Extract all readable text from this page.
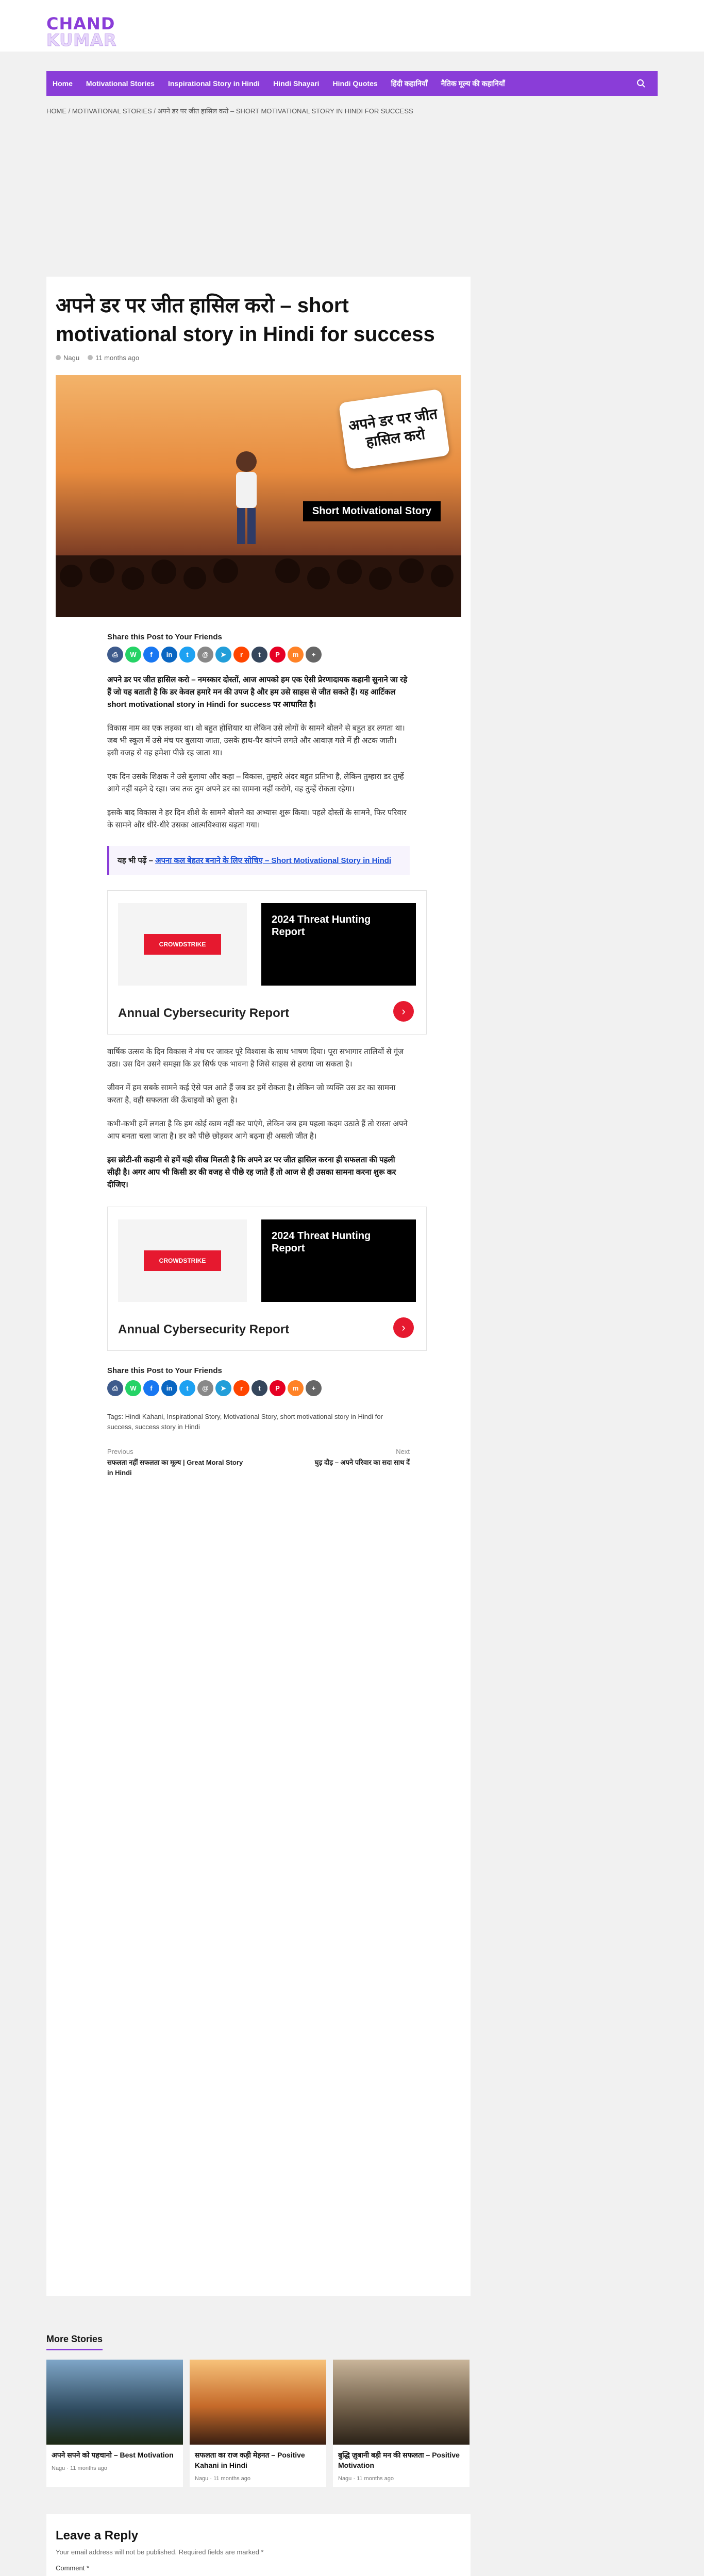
CHAND
KUMAR
Home Motivational Stories Inspirational Story in Hindi Hindi Shayari Hindi Quotes हिंदी कहानियाँ नैतिक मूल्य की कहानियाँ
HOME / MOTIVATIONAL STORIES / अपने डर पर जीत हासिल करो – SHORT MOTIVATIONAL STORY IN HINDI FOR SUCCESS
अपने डर पर जीत हासिल करो – short motivational story in Hindi for success
Nagu	11 months ago
अपने डर पर जीत हासिल करो
Short Motivational Story
Share this Post to Your Friends
⎙	W	f	in	t	@	➤	r	t	P	m	+

अपने डर पर जीत हासिल करो – नमस्कार दोस्तों, आज आपको हम एक ऐसी प्रेरणादायक कहानी सुनाने जा रहे हैं जो यह बताती है कि डर केवल हमारे मन की उपज है और हम उसे साहस से जीत सकते हैं। यह आर्टिकल short motivational story in Hindi for success पर आधारित है।

विकास नाम का एक लड़का था। वो बहुत होशियार था लेकिन उसे लोगों के सामने बोलने से बहुत डर लगता था। जब भी स्कूल में उसे मंच पर बुलाया जाता, उसके हाथ-पैर कांपने लगते और आवाज़ गले में ही अटक जाती। इसी वजह से वह हमेशा पीछे रह जाता था।

एक दिन उसके शिक्षक ने उसे बुलाया और कहा – विकास, तुम्हारे अंदर बहुत प्रतिभा है, लेकिन तुम्हारा डर तुम्हें आगे नहीं बढ़ने दे रहा। जब तक तुम अपने डर का सामना नहीं करोगे, वह तुम्हें रोकता रहेगा।

इसके बाद विकास ने हर दिन शीशे के सामने बोलने का अभ्यास शुरू किया। पहले दोस्तों के सामने, फिर परिवार के सामने और धीरे-धीरे उसका आत्मविश्वास बढ़ता गया।

यह भी पढ़ें – अपना कल बेहतर बनाने के लिए सोचिए – Short Motivational Story in Hindi
CROWDSTRIKE
2024 Threat Hunting Report
Annual Cybersecurity Report	›

वार्षिक उत्सव के दिन विकास ने मंच पर जाकर पूरे विश्वास के साथ भाषण दिया। पूरा सभागार तालियों से गूंज उठा। उस दिन उसने समझा कि डर सिर्फ एक भावना है जिसे साहस से हराया जा सकता है।

जीवन में हम सबके सामने कई ऐसे पल आते हैं जब डर हमें रोकता है। लेकिन जो व्यक्ति उस डर का सामना करता है, वही सफलता की ऊँचाइयों को छूता है।

कभी-कभी हमें लगता है कि हम कोई काम नहीं कर पाएंगे, लेकिन जब हम पहला कदम उठाते हैं तो रास्ता अपने आप बनता चला जाता है। डर को पीछे छोड़कर आगे बढ़ना ही असली जीत है।

इस छोटी-सी कहानी से हमें यही सीख मिलती है कि अपने डर पर जीत हासिल करना ही सफलता की पहली सीढ़ी है। अगर आप भी किसी डर की वजह से पीछे रह जाते हैं तो आज से ही उसका सामना करना शुरू कर दीजिए।

CROWDSTRIKE
2024 Threat Hunting Report
Annual Cybersecurity Report	›
Share this Post to Your Friends
⎙	W	f	in	t	@	➤	r	t	P	m	+
Tags: Hindi Kahani, Inspirational Story, Motivational Story, short motivational story in Hindi for success, success story in Hindi
Previous
सफलता नहीं सफलता का मूल्य | Great Moral Story in Hindi
Next
घुड़ दौड़ – अपने परिवार का सदा साथ दें
More Stories
अपने सपने को पहचानो – Best Motivation
Nagu · 11 months ago
सफलता का राज कड़ी मेहनत – Positive Kahani in Hindi
Nagu · 11 months ago
बुद्धि ज़ुबानी बड़ी मन की सफलता – Positive Motivation
Nagu · 11 months ago
Leave a Reply
Your email address will not be published. Required fields are marked *
Comment *
